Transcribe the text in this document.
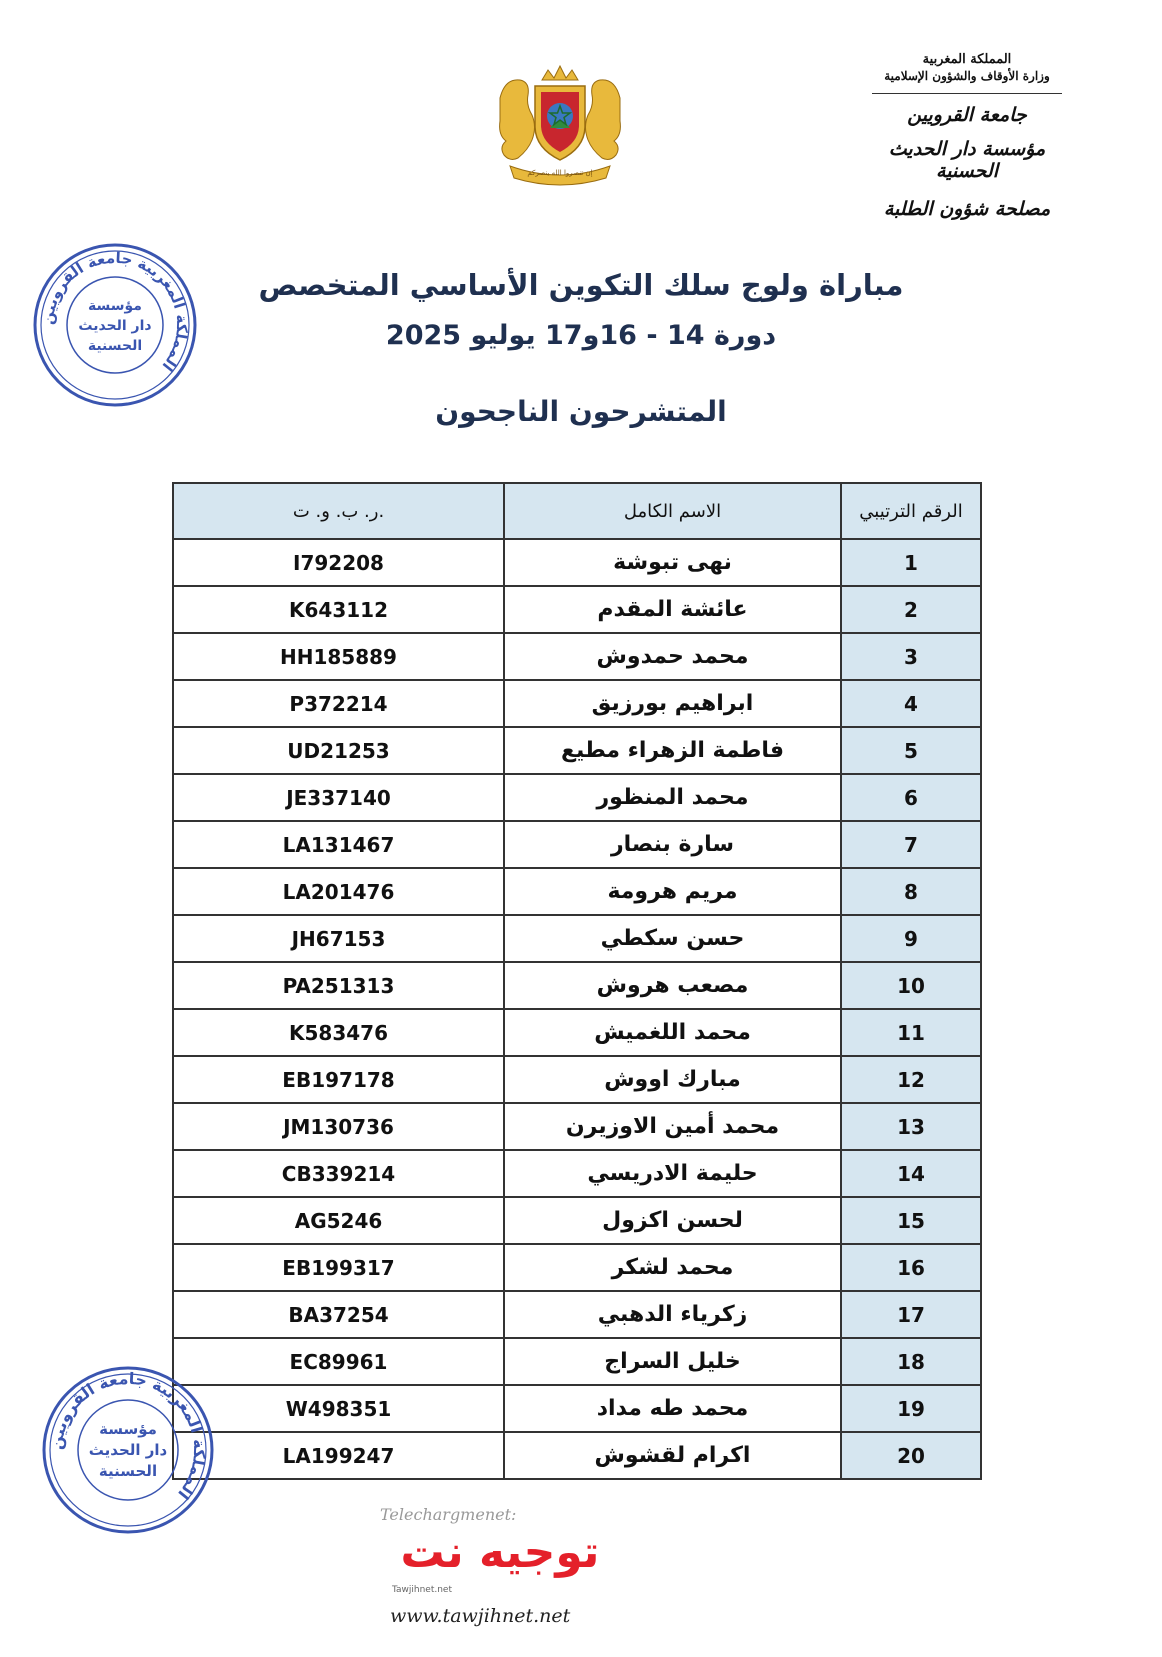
المملكة المغربية
وزارة الأوقاف والشؤون الإسلامية
جامعة القرويين
مؤسسة دار الحديث الحسنية
مصلحة شؤون الطلبة
إن تنصروا الله ينصركم
المملكة المغربية جامعة القرويين
مؤسسة
دار الحديث
الحسنية
مباراة ولوج سلك التكوين الأساسي المتخصص
دورة 14 - 16و17 يوليو 2025
المتشرحون الناجحون
ر. ب. و. ت.	الاسم الكامل	الرقم الترتيبي
I792208	نهى تبوشة	1
K643112	عائشة المقدم	2
HH185889	محمد حمدوش	3
P372214	ابراهيم بورزيق	4
UD21253	فاطمة الزهراء مطيع	5
JE337140	محمد المنظور	6
LA131467	سارة بنصار	7
LA201476	مريم هرومة	8
JH67153	حسن سكطي	9
PA251313	مصعب هروش	10
K583476	محمد اللغميش	11
EB197178	مبارك اووش	12
JM130736	محمد أمين الاوزيرن	13
CB339214	حليمة الادريسي	14
AG5246	لحسن اكزول	15
EB199317	محمد لشكر	16
BA37254	زكرياء الدهبي	17
EC89961	خليل السراج	18
W498351	محمد طه مداد	19
LA199247	اكرام لقشوش	20
المملكة المغربية جامعة القرويين
مؤسسة
دار الحديث
الحسنية
Telechargmenet:
توجيه نت
Tawjihnet.net
www.tawjihnet.net
